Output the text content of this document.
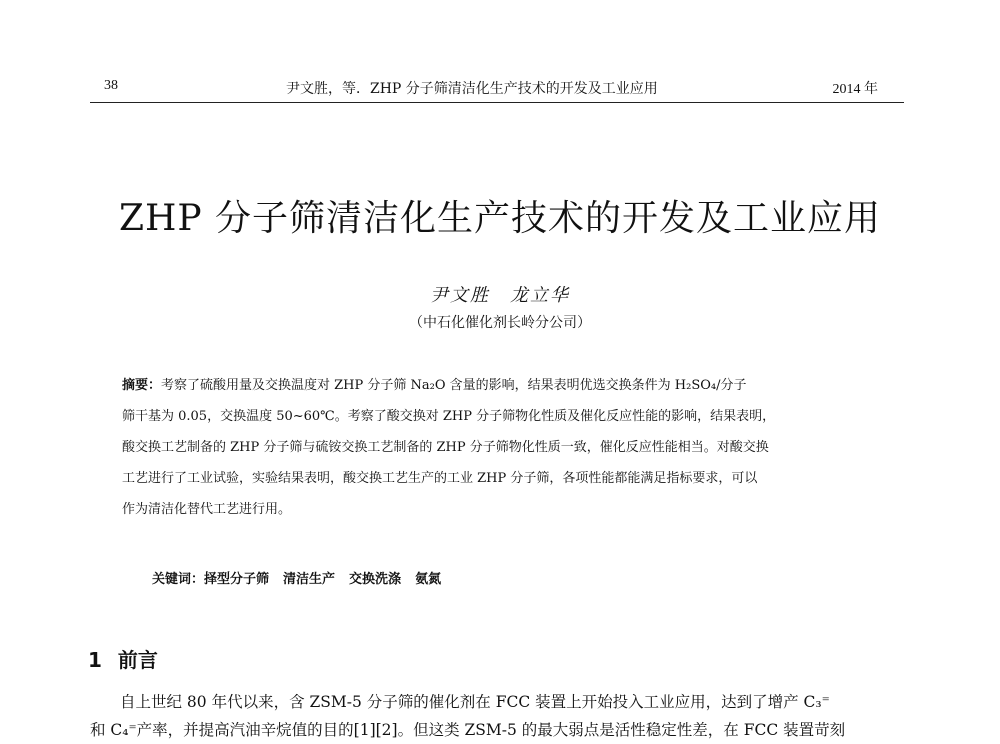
38	尹文胜，等．ZHP 分子筛清洁化生产技术的开发及工业应用	2014 年
ZHP 分子筛清洁化生产技术的开发及工业应用
尹文胜　龙立华
（中石化催化剂长岭分公司）
摘要：考察了硫酸用量及交换温度对 ZHP 分子筛 Na₂O 含量的影响，结果表明优选交换条件为 H₂SO₄/分子
筛干基为 0.05，交换温度 50~60℃。考察了酸交换对 ZHP 分子筛物化性质及催化反应性能的影响，结果表明，
酸交换工艺制备的 ZHP 分子筛与硫铵交换工艺制备的 ZHP 分子筛物化性质一致，催化反应性能相当。对酸交换
工艺进行了工业试验，实验结果表明，酸交换工艺生产的工业 ZHP 分子筛，各项性能都能满足指标要求，可以
作为清洁化替代工艺进行用。
关键词：择型分子筛 清洁生产 交换洗涤 氨氮
1 前言
自上世纪 80 年代以来，含 ZSM-5 分子筛的催化剂在 FCC 装置上开始投入工业应用，达到了增产 C₃⁼
和 C₄⁼产率，并提高汽油辛烷值的目的[1][2]。但这类 ZSM-5 的最大弱点是活性稳定性差，在 FCC 装置苛刻
